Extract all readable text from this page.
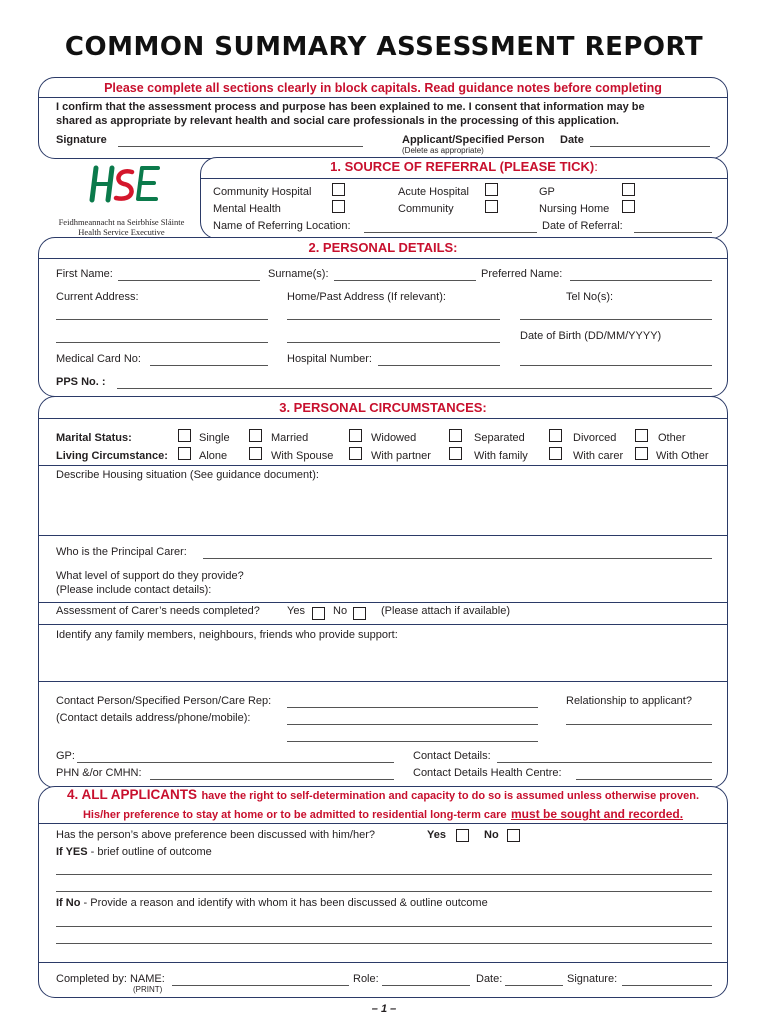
COMMON SUMMARY ASSESSMENT REPORT
Please complete all sections clearly in block capitals. Read guidance notes before completing
I confirm that the assessment process and purpose has been explained to me. I consent that information may be
shared as appropriate by relevant health and social care professionals in the processing of this application.
Signature	Applicant/Specified Person
(Delete as appropriate)
Date
Feidhmeannacht na Seirbhíse Sláinte
Health Service Executive
1. SOURCE OF REFERRAL (PLEASE TICK):
Community Hospital	Acute Hospital	GP
Mental Health	Community	Nursing Home
Name of Referring Location:	Date of Referral:
2. PERSONAL DETAILS:
First Name:	Surname(s):	Preferred Name:
Current Address:	Home/Past Address (If relevant):	Tel No(s):
Date of Birth (DD/MM/YYYY)
Medical Card No:	Hospital Number:
PPS No. :
3. PERSONAL CIRCUMSTANCES:
Marital Status:	Single	Married	Widowed	Separated	Divorced	Other
Living Circumstance:	Alone	With Spouse	With partner	With family	With carer	With Other
Describe Housing situation (See guidance document):
Who is the Principal Carer:
What level of support do they provide?
(Please include contact details):
Assessment of Carer’s needs completed? Yes	No	(Please attach if available)
Identify any family members, neighbours, friends who provide support:
Contact Person/Specified Person/Care Rep:	Relationship to applicant?
(Contact details address/phone/mobile):
GP:	Contact Details:
PHN &/or CMHN:	Contact Details Health Centre:
4. ALL APPLICANTS have the right to self-determination and capacity to do so is assumed unless otherwise proven.
His/her preference to stay at home or to be admitted to residential long-term care must be sought and recorded.
Has the person’s above preference been discussed with him/her?	Yes	No
If YES - brief outline of outcome
If No - Provide a reason and identify with whom it has been discussed & outline outcome
Completed by: NAME:
(PRINT)
Role:	Date:	Signature:
– 1 –
